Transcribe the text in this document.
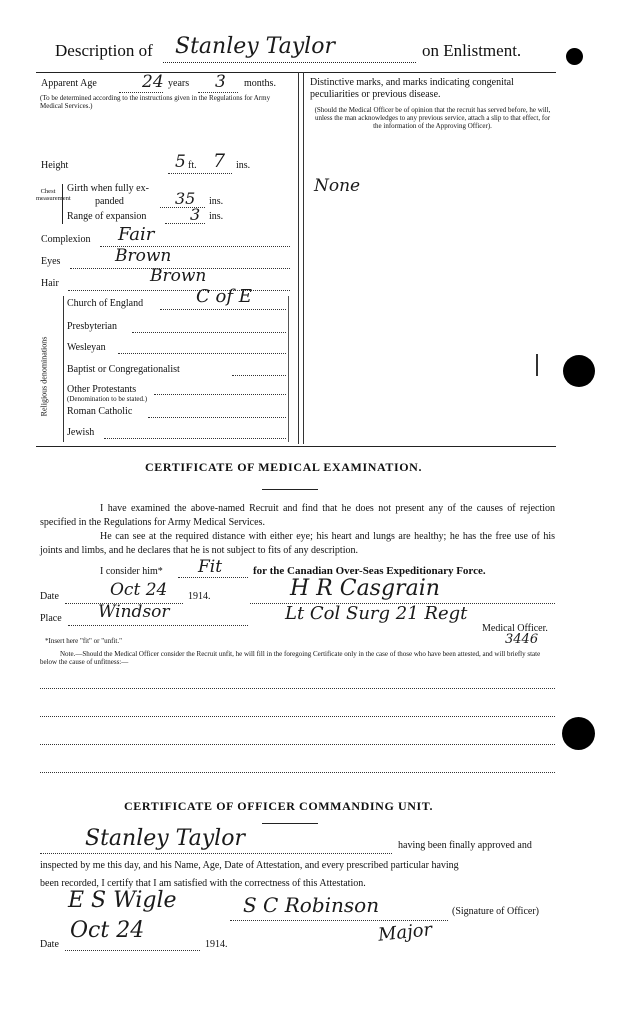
Description of Stanley Taylor	on Enlistment.
Apparent Age	24 years 3 months.
(To be determined according to the instructions given in the Regulations for Army Medical Services.)
Distinctive marks, and marks indicating congenital peculiarities or previous disease.
(Should the Medical Officer be of opinion that the recruit has served before, he will, unless the man acknowledges to any previous service, attach a slip to that effect, for the information of the Approving Officer).
None
Height	5 ft. 7 ins.
Chest measurement
Girth when fully ex-
panded	35 ins.
Range of expansion	3 ins.
Complexion Fair
Eyes	Brown
Hair	Brown
Religious denominations
Church of England	C of E
Presbyterian
Wesleyan
Baptist or Congregationalist
Other Protestants
(Denomination to be stated.)
Roman Catholic
Jewish
CERTIFICATE OF MEDICAL EXAMINATION.
I have examined the above-named Recruit and find that he does not present any of the causes of rejection specified in the Regulations for Army Medical Services.
He can see at the required distance with either eye; his heart and lungs are healthy; he has the free use of his joints and limbs, and he declares that he is not subject to fits of any description.
I consider him* Fit	for the Canadian Over-Seas Expeditionary Force.
Date	Oct 24 1914.	H R Casgrain
Place Windsor	Lt Col Surg 21 Regt
Medical Officer.
3446
*Insert here "fit" or "unfit."
Note.—Should the Medical Officer consider the Recruit unfit, he will fill in the foregoing Certificate only in the case of those who have been attested, and will briefly state below the cause of unfitness:—
CERTIFICATE OF OFFICER COMMANDING UNIT.
Stanley Taylor	having been finally approved and
inspected by me this day, and his Name, Age, Date of Attestation, and every prescribed particular having
been recorded, I certify that I am satisfied with the correctness of this Attestation.
E S Wigle	S C Robinson	(Signature of Officer)
Major
Date
Oct 24
1914.
